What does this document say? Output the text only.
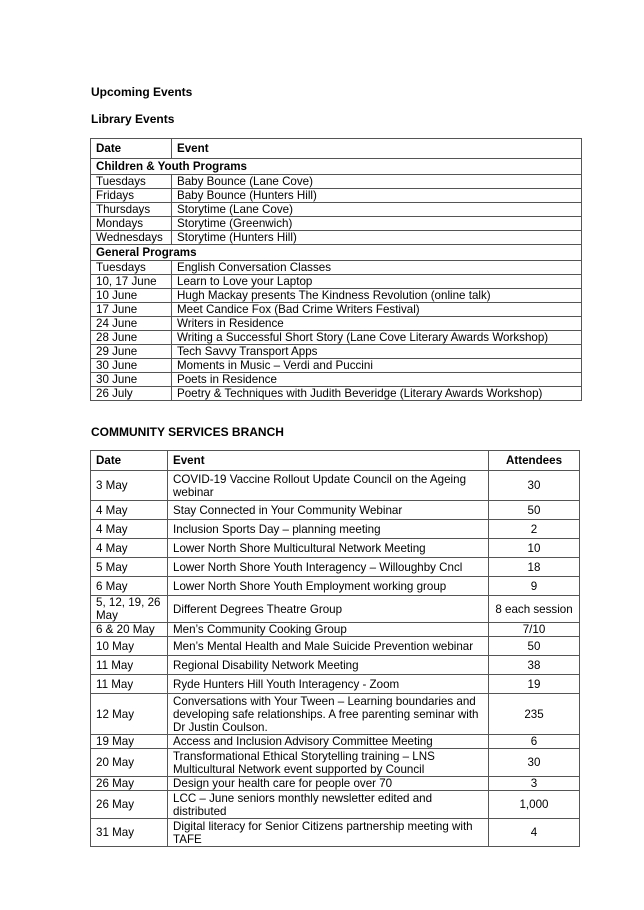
Upcoming Events
Library Events
Date	Event
Children & Youth Programs	
Tuesdays	Baby Bounce (Lane Cove)
Fridays	Baby Bounce (Hunters Hill)
Thursdays	Storytime (Lane Cove)
Mondays	Storytime (Greenwich)
Wednesdays	Storytime (Hunters Hill)
General Programs	
Tuesdays	English Conversation Classes
10, 17 June	Learn to Love your Laptop
10 June	Hugh Mackay presents The Kindness Revolution (online talk)
17 June	Meet Candice Fox (Bad Crime Writers Festival)
24 June	Writers in Residence
28 June	Writing a Successful Short Story (Lane Cove Literary Awards Workshop)
29 June	Tech Savvy Transport Apps
30 June	Moments in Music – Verdi and Puccini
30 June	Poets in Residence
26 July	Poetry & Techniques with Judith Beveridge (Literary Awards Workshop)
COMMUNITY SERVICES BRANCH
Date	Event	Attendees
3 May	COVID-19 Vaccine Rollout Update Council on the Ageing webinar	30
4 May	Stay Connected in Your Community Webinar	50
4 May	Inclusion Sports Day – planning meeting	2
4 May	Lower North Shore Multicultural Network Meeting	10
5 May	Lower North Shore Youth Interagency – Willoughby Cncl	18
6 May	Lower North Shore Youth Employment working group	9
5, 12, 19, 26 May	Different Degrees Theatre Group	8 each session
6 & 20 May	Men’s Community Cooking Group	7/10
10 May	Men’s Mental Health and Male Suicide Prevention webinar	50
11 May	Regional Disability Network Meeting	38
11 May	Ryde Hunters Hill Youth Interagency - Zoom	19
12 May	Conversations with Your Tween – Learning boundaries and developing safe relationships. A free parenting seminar with Dr Justin Coulson.	235
19 May	Access and Inclusion Advisory Committee Meeting	6
20 May	Transformational Ethical Storytelling training – LNS Multicultural Network event supported by Council	30
26 May	Design your health care for people over 70	3
26 May	LCC – June seniors monthly newsletter edited and distributed	1,000
31 May	Digital literacy for Senior Citizens partnership meeting with TAFE	4
